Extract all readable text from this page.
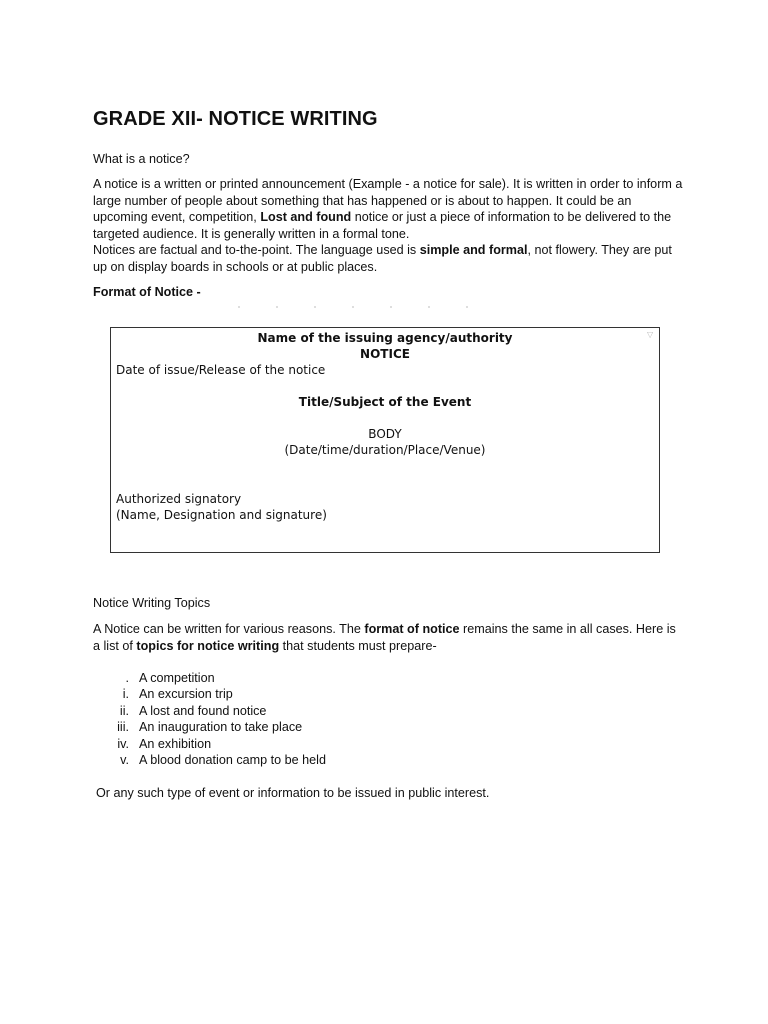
GRADE XII- NOTICE WRITING

What is a notice?

A notice is a written or printed announcement (Example - a notice for sale). It is written in order to inform a large number of people about something that has happened or is about to happen. It could be an upcoming event, competition, Lost and found notice or just a piece of information to be delivered to the targeted audience. It is generally written in a formal tone.

Notices are factual and to-the-point. The language used is simple and formal, not flowery. They are put up on display boards in schools or at public places.

Format of Notice -

▽

Name of the issuing agency/authority

NOTICE

Date of issue/Release of the notice

Title/Subject of the Event

BODY

(Date/time/duration/Place/Venue)

Authorized signatory

(Name, Designation and signature)

Notice Writing Topics

A Notice can be written for various reasons. The format of notice remains the same in all cases. Here is a list of topics for notice writing that students must prepare-

. A competition
i. An excursion trip
ii. A lost and found notice
iii. An inauguration to take place
iv. An exhibition
v. A blood donation camp to be held

Or any such type of event or information to be issued in public interest.
